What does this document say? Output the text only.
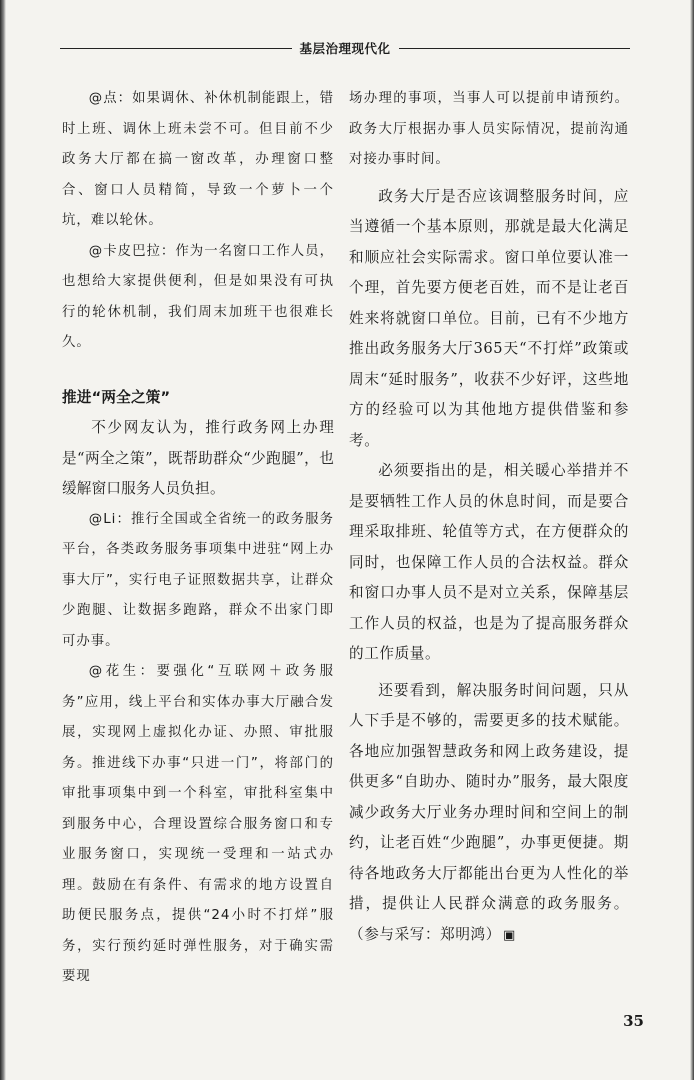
基层治理现代化

@点：如果调休、补休机制能跟上，错时上班、调休上班未尝不可。但目前不少政务大厅都在搞一窗改革，办理窗口整合、窗口人员精简，导致一个萝卜一个坑，难以轮休。

@卡皮巴拉：作为一名窗口工作人员，也想给大家提供便利，但是如果没有可执行的轮休机制，我们周末加班干也很难长久。

推进“两全之策”

不少网友认为，推行政务网上办理是“两全之策”，既帮助群众“少跑腿”，也缓解窗口服务人员负担。

@Li：推行全国或全省统一的政务服务平台，各类政务服务事项集中进驻“网上办事大厅”，实行电子证照数据共享，让群众少跑腿、让数据多跑路，群众不出家门即可办事。

@花生：要强化“互联网＋政务服务”应用，线上平台和实体办事大厅融合发展，实现网上虚拟化办证、办照、审批服务。推进线下办事“只进一门”，将部门的审批事项集中到一个科室，审批科室集中到服务中心，合理设置综合服务窗口和专业服务窗口，实现统一受理和一站式办理。鼓励在有条件、有需求的地方设置自助便民服务点，提供“24小时不打烊”服务，实行预约延时弹性服务，对于确实需要现

场办理的事项，当事人可以提前申请预约。政务大厅根据办事人员实际情况，提前沟通对接办事时间。

政务大厅是否应该调整服务时间，应当遵循一个基本原则，那就是最大化满足和顺应社会实际需求。窗口单位要认准一个理，首先要方便老百姓，而不是让老百姓来将就窗口单位。目前，已有不少地方推出政务服务大厅365天“不打烊”政策或周末“延时服务”，收获不少好评，这些地方的经验可以为其他地方提供借鉴和参考。

必须要指出的是，相关暖心举措并不是要牺牲工作人员的休息时间，而是要合理采取排班、轮值等方式，在方便群众的同时，也保障工作人员的合法权益。群众和窗口办事人员不是对立关系，保障基层工作人员的权益，也是为了提高服务群众的工作质量。

还要看到，解决服务时间问题，只从人下手是不够的，需要更多的技术赋能。各地应加强智慧政务和网上政务建设，提供更多“自助办、随时办”服务，最大限度减少政务大厅业务办理时间和空间上的制约，让老百姓“少跑腿”，办事更便捷。期待各地政务大厅都能出台更为人性化的举措，提供让人民群众满意的政务服务。（参与采写：郑明鸿） ▣

35
